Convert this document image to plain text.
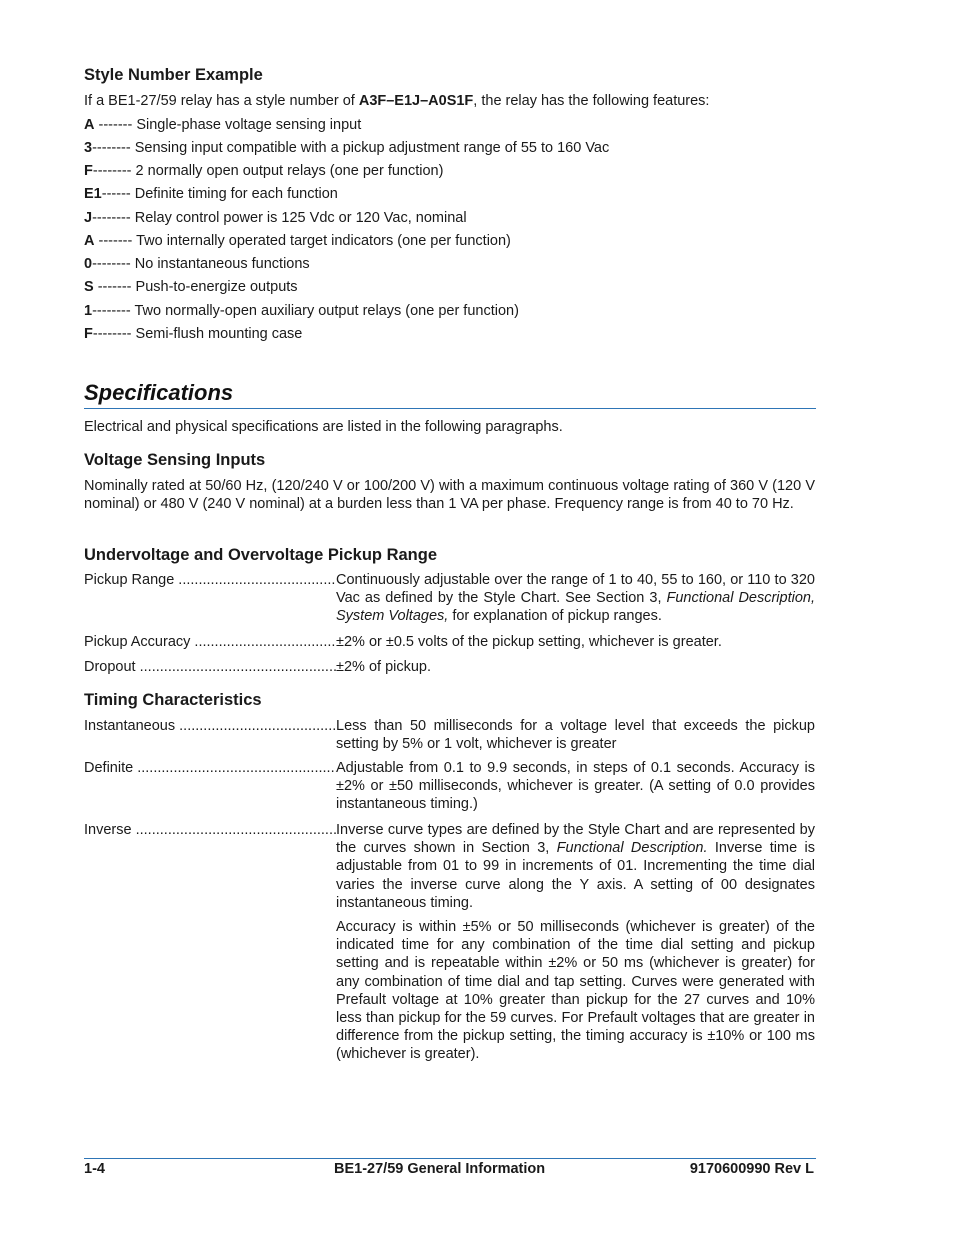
Style Number Example
If a BE1-27/59 relay has a style number of A3F–E1J–A0S1F, the relay has the following features:
A ------- Single-phase voltage sensing input
3-------- Sensing input compatible with a pickup adjustment range of 55 to 160 Vac
F-------- 2 normally open output relays (one per function)
E1------ Definite timing for each function
J-------- Relay control power is 125 Vdc or 120 Vac, nominal
A ------- Two internally operated target indicators (one per function)
0-------- No instantaneous functions
S ------- Push-to-energize outputs
1-------- Two normally-open auxiliary output relays (one per function)
F-------- Semi-flush mounting case
Specifications
Electrical and physical specifications are listed in the following paragraphs.
Voltage Sensing Inputs
Nominally rated at 50/60 Hz, (120/240 V or 100/200 V) with a maximum continuous voltage rating of 360 V (120 V nominal) or 480 V (240 V nominal) at a burden less than 1 VA per phase. Frequency range is from 40 to 70 Hz.
Undervoltage and Overvoltage Pickup Range
Pickup Range .....	Continuously adjustable over the range of 1 to 40, 55 to 160, or 110 to 320 Vac as defined by the Style Chart. See Section 3, Functional Description, System Voltages, for explanation of pickup ranges.

Pickup Accuracy .....	±2% or ±0.5 volts of the pickup setting, whichever is greater.

Dropout .....	±2% of pickup.

Timing Characteristics
Instantaneous .....	Less than 50 milliseconds for a voltage level that exceeds the pickup setting by 5% or 1 volt, whichever is greater

Definite .....	Adjustable from 0.1 to 9.9 seconds, in steps of 0.1 seconds. Accuracy is ±2% or ±50 milliseconds, whichever is greater. (A setting of 0.0 provides instantaneous timing.)

Inverse .....	Inverse curve types are defined by the Style Chart and are represented by the curves shown in Section 3, Functional Description. Inverse time is adjustable from 01 to 99 in increments of 01. Incrementing the time dial varies the inverse curve along the Y axis. A setting of 00 designates instantaneous timing.

Accuracy is within ±5% or 50 milliseconds (whichever is greater) of the indicated time for any combination of the time dial setting and pickup setting and is repeatable within ±2% or 50 ms (whichever is greater) for any combination of time dial and tap setting. Curves were generated with Prefault voltage at 10% greater than pickup for the 27 curves and 10% less than pickup for the 59 curves. For Prefault voltages that are greater in difference from the pickup setting, the timing accuracy is ±10% or 100 ms (whichever is greater).

1-4	BE1-27/59 General Information	9170600990 Rev L
